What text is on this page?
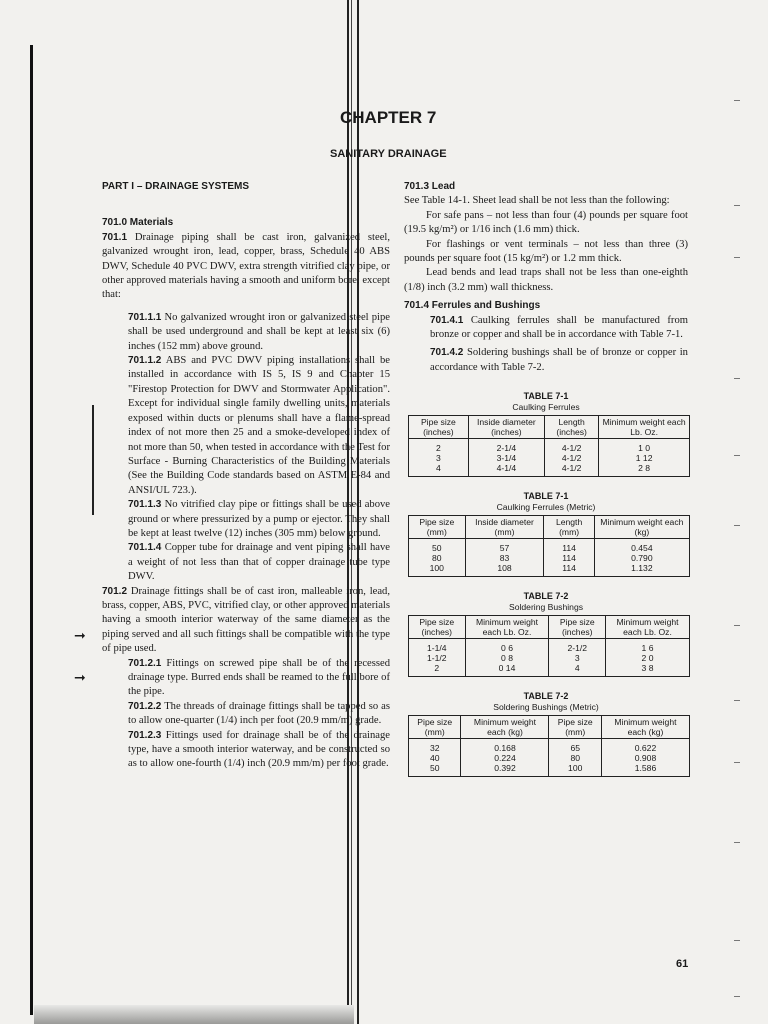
CHAPTER 7
SANITARY DRAINAGE
➞
➞
PART I – DRAINAGE SYSTEMS
701.0 Materials

701.1 Drainage piping shall be cast iron, galvanized steel, galvanized wrought iron, lead, copper, brass, Schedule 40 ABS DWV, Schedule 40 PVC DWV, extra strength vitrified clay pipe, or other approved materials having a smooth and uniform bore, except that:

701.1.1 No galvanized wrought iron or galvanized steel pipe shall be used underground and shall be kept at least six (6) inches (152 mm) above ground.

701.1.2 ABS and PVC DWV piping installations shall be installed in accordance with IS 5, IS 9 and Chapter 15 "Firestop Protection for DWV and Stormwater Application". Except for individual single family dwelling units, materials exposed within ducts or plenums shall have a flame-spread index of not more then 25 and a smoke-developed index of not more than 50, when tested in accordance with the Test for Surface - Burning Characteristics of the Building Materials (See the Building Code standards based on ASTM E-84 and ANSI/UL 723.).

701.1.3 No vitrified clay pipe or fittings shall be used above ground or where pressurized by a pump or ejector. They shall be kept at least twelve (12) inches (305 mm) below ground.

701.1.4 Copper tube for drainage and vent piping shall have a weight of not less than that of copper drainage tube type DWV.

701.2 Drainage fittings shall be of cast iron, malleable iron, lead, brass, copper, ABS, PVC, vitrified clay, or other approved materials having a smooth interior waterway of the same diameter as the piping served and all such fittings shall be compatible with the type of pipe used.

701.2.1 Fittings on screwed pipe shall be of the recessed drainage type. Burred ends shall be reamed to the full bore of the pipe.

701.2.2 The threads of drainage fittings shall be tapped so as to allow one-quarter (1/4) inch per foot (20.9 mm/m) grade.

701.2.3 Fittings used for drainage shall be of the drainage type, have a smooth interior waterway, and be constructed so as to allow one-fourth (1/4) inch (20.9 mm/m) per foot grade.

701.3 Lead

See Table 14-1. Sheet lead shall be not less than the following:

For safe pans – not less than four (4) pounds per square foot (19.5 kg/m²) or 1/16 inch (1.6 mm) thick.

For flashings or vent terminals – not less than three (3) pounds per square foot (15 kg/m²) or 1.2 mm thick.

Lead bends and lead traps shall not be less than one-eighth (1/8) inch (3.2 mm) wall thickness.

701.4 Ferrules and Bushings

701.4.1 Caulking ferrules shall be manufactured from bronze or copper and shall be in accordance with Table 7-1.

701.4.2 Soldering bushings shall be of bronze or copper in accordance with Table 7-2.

TABLE 7-1
Caulking Ferrules
Pipe size (inches)	Inside diameter (inches)	Length (inches)	Minimum weight each Lb. Oz.
2	2-1/4	4-1/2	1 0
3	3-1/4	4-1/2	1 12
4	4-1/4	4-1/2	2 8
TABLE 7-1
Caulking Ferrules (Metric)
Pipe size (mm)	Inside diameter (mm)	Length (mm)	Minimum weight each (kg)
50	57	114	0.454
80	83	114	0.790
100	108	114	1.132
TABLE 7-2
Soldering Bushings
Pipe size (inches)	Minimum weight each Lb. Oz.	Pipe size (inches)	Minimum weight each Lb. Oz.
1-1/4	0 6	2-1/2	1 6
1-1/2	0 8	3	2 0
2	0 14	4	3 8
TABLE 7-2
Soldering Bushings (Metric)
Pipe size (mm)	Minimum weight each (kg)	Pipe size (mm)	Minimum weight each (kg)
32	0.168	65	0.622
40	0.224	80	0.908
50	0.392	100	1.586
61
